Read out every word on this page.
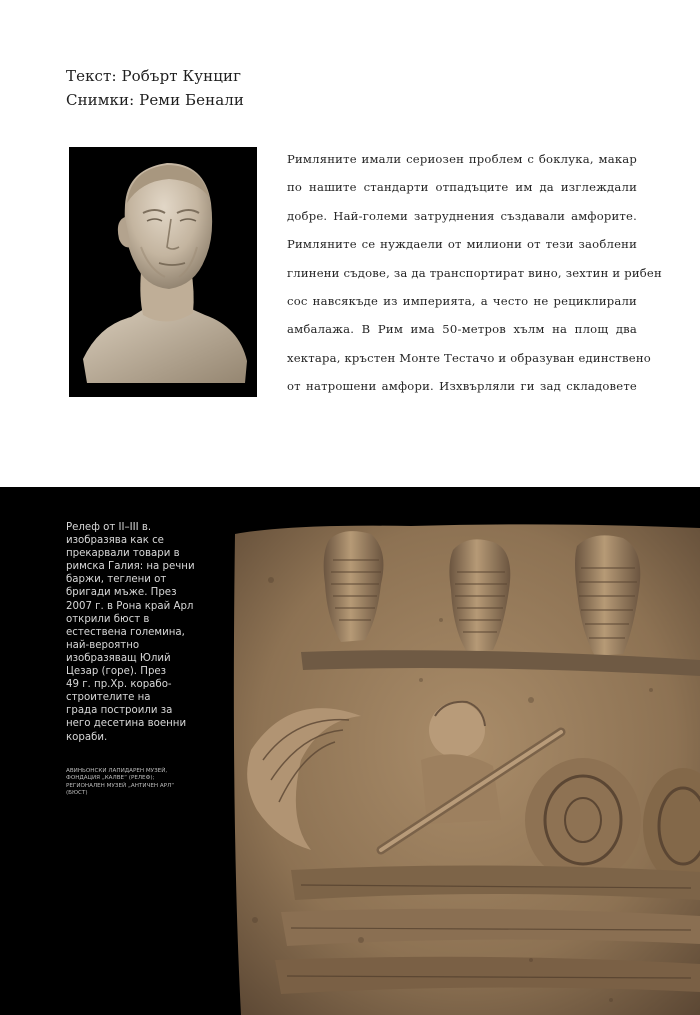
Текст: Робърт Кунциг
Снимки: Реми Бенали
Римляните имали сериозен проблем с боклука, макар
по нашите стандарти отпадъците им да изглеждали
добре. Най-големи затруднения създавали амфорите.
Римляните се нуждаели от милиони от тези заоблени
глинени съдове, за да транспортират вино, зехтин и рибен
сос навсякъде из империята, а често не рециклирали
амбалажа. В Рим има 50-метров хълм на площ два
хектара, кръстен Монте Тестачо и образуван единствено
от натрошени амфори. Изхвърляли ги зад складовете
Релеф от II–III в.
изобразява как се
прекарвали товари в
римска Галия: на речни
баржи, теглени от
бригади мъже. През
2007 г. в Рона край Арл
открили бюст в
естествена големина,
най-вероятно
изобразяващ Юлий
Цезар (горе). През
49 г. пр.Хр. корабо-
строителите на
града построили за
него десетина военни
кораби.
АВИНЬОНСКИ ЛАПИДАРЕН МУЗЕЙ,
ФОНДАЦИЯ „КАЛВЕ“ (РЕЛЕФ);
РЕГИОНАЛЕН МУЗЕЙ „АНТИЧЕН АРЛ“
(БЮСТ)
